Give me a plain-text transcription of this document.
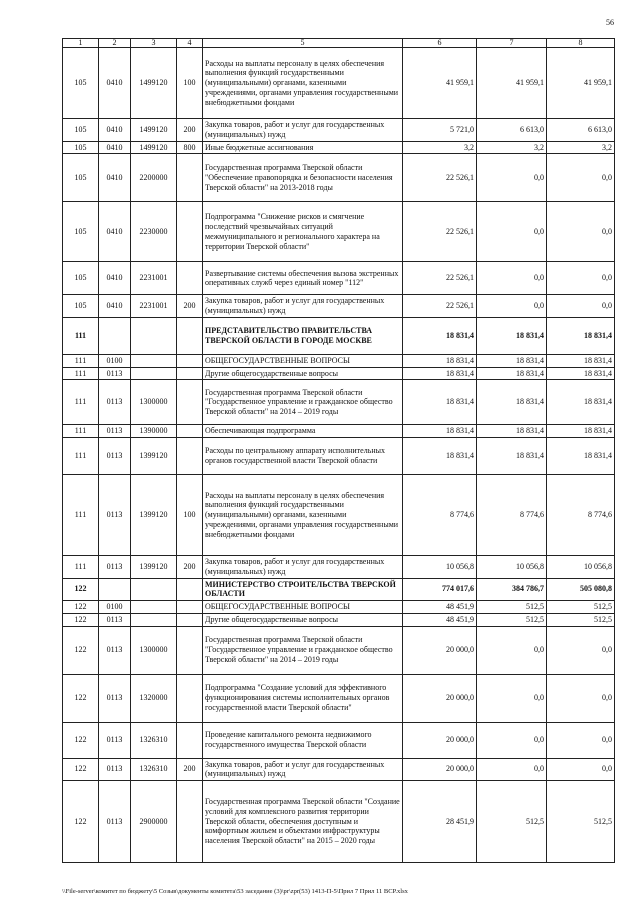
56
1	2	3	4	5	6	7	8
105	0410	1499120	100	Расходы на выплаты персоналу в целях обеспечения выполнения функций государственными (муниципальными) органами, казенными учреждениями, органами управления государственными внебюджетными фондами	41 959,1	41 959,1	41 959,1
105	0410	1499120	200	Закупка товаров, работ и услуг для государственных (муниципальных) нужд	5 721,0	6 613,0	6 613,0
105	0410	1499120	800	Иные бюджетные ассигнования	3,2	3,2	3,2
105	0410	2200000		Государственная программа Тверской области "Обеспечение правопорядка и безопасности населения Тверской области" на 2013-2018 годы	22 526,1	0,0	0,0
105	0410	2230000		Подпрограмма "Снижение рисков и смягчение последствий чрезвычайных ситуаций межмуниципального и регионального характера на территории Тверской области"	22 526,1	0,0	0,0
105	0410	2231001		Развертывание системы обеспечения вызова экстренных оперативных служб через единый номер "112"	22 526,1	0,0	0,0
105	0410	2231001	200	Закупка товаров, работ и услуг для государственных (муниципальных) нужд	22 526,1	0,0	0,0
111				ПРЕДСТАВИТЕЛЬСТВО ПРАВИТЕЛЬСТВА ТВЕРСКОЙ ОБЛАСТИ В ГОРОДЕ МОСКВЕ	18 831,4	18 831,4	18 831,4
111	0100			ОБЩЕГОСУДАРСТВЕННЫЕ ВОПРОСЫ	18 831,4	18 831,4	18 831,4
111	0113			Другие общегосударственные вопросы	18 831,4	18 831,4	18 831,4
111	0113	1300000		Государственная программа Тверской области "Государственное управление и гражданское общество Тверской области" на 2014 – 2019 годы	18 831,4	18 831,4	18 831,4
111	0113	1390000		Обеспечивающая подпрограмма	18 831,4	18 831,4	18 831,4
111	0113	1399120		Расходы по центральному аппарату исполнительных органов государственной власти Тверской области	18 831,4	18 831,4	18 831,4
111	0113	1399120	100	Расходы на выплаты персоналу в целях обеспечения выполнения функций государственными (муниципальными) органами, казенными учреждениями, органами управления государственными внебюджетными фондами	8 774,6	8 774,6	8 774,6
111	0113	1399120	200	Закупка товаров, работ и услуг для государственных (муниципальных) нужд	10 056,8	10 056,8	10 056,8
122				МИНИСТЕРСТВО СТРОИТЕЛЬСТВА ТВЕРСКОЙ ОБЛАСТИ	774 017,6	384 786,7	505 080,8
122	0100			ОБЩЕГОСУДАРСТВЕННЫЕ ВОПРОСЫ	48 451,9	512,5	512,5
122	0113			Другие общегосударственные вопросы	48 451,9	512,5	512,5
122	0113	1300000		Государственная программа Тверской области "Государственное управление и гражданское общество Тверской области" на 2014 – 2019 годы	20 000,0	0,0	0,0
122	0113	1320000		Подпрограмма "Создание условий для эффективного функционирования системы исполнительных органов государственной власти Тверской области"	20 000,0	0,0	0,0
122	0113	1326310		Проведение капитального ремонта недвижимого государственного имущества Тверской области	20 000,0	0,0	0,0
122	0113	1326310	200	Закупка товаров, работ и услуг для государственных (муниципальных) нужд	20 000,0	0,0	0,0
122	0113	2900000		Государственная программа Тверской области "Создание условий для комплексного развития территории Тверской области, обеспечения доступным и комфортным жильем и объектами инфраструктуры населения Тверской области" на 2015 – 2020 годы	28 451,9	512,5	512,5
\\File-server\комитет по бюджету\5 Созыв\документы комитета\53 заседание (3)\pr\zpr(53) 1413-П-5\Прил 7 Прил 11 ВСР.xlsx
